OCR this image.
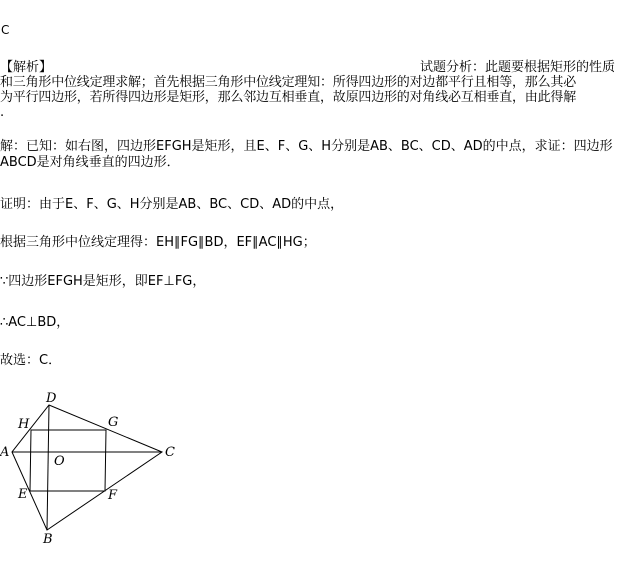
C
【解析】	试题分析：此题要根据矩形的性质
和三角形中位线定理求解；首先根据三角形中位线定理知：所得四边形的对边都平行且相等，那么其必
为平行四边形，若所得四边形是矩形，那么邻边互相垂直，故原四边形的对角线必互相垂直，由此得解
.
解：已知：如右图，四边形EFGH是矩形，且E、F、G、H分别是AB、BC、CD、AD的中点，求证：四边形
ABCD是对角线垂直的四边形．
证明：由于E、F、G、H分别是AB、BC、CD、AD的中点，
根据三角形中位线定理得：EH∥FG∥BD，EF∥AC∥HG；
∵四边形EFGH是矩形，即EF⊥FG，
∴AC⊥BD，
故选：C．
A
B
C
D
E	F
G
H
O
